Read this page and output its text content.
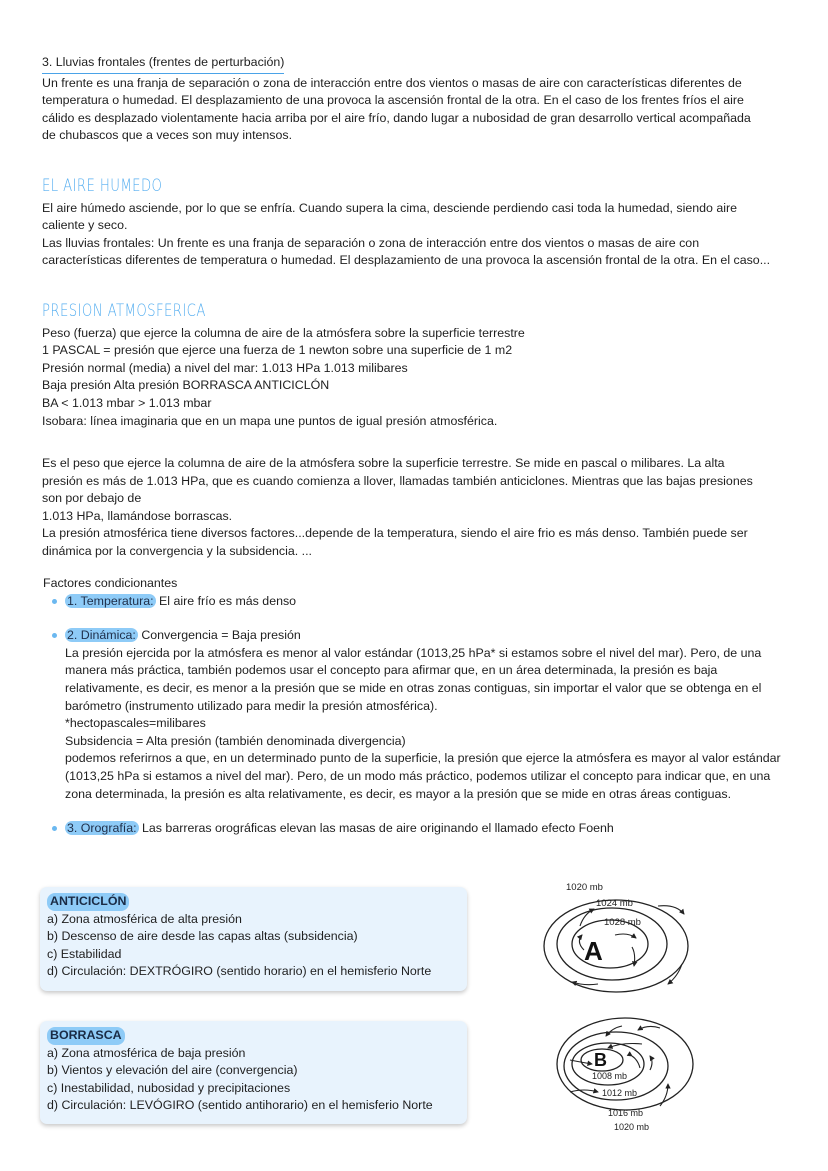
3. Lluvias frontales (frentes de perturbación)

Un frente es una franja de separación o zona de interacción entre dos vientos o masas de aire con características diferentes de

temperatura o humedad. El desplazamiento de una provoca la ascensión frontal de la otra. En el caso de los frentes fríos el aire

cálido es desplazado violentamente hacia arriba por el aire frío, dando lugar a nubosidad de gran desarrollo vertical acompañada

de chubascos que a veces son muy intensos.

EL AIRE HUMEDO

El aire húmedo asciende, por lo que se enfría. Cuando supera la cima, desciende perdiendo casi toda la humedad, siendo aire

caliente y seco.

Las lluvias frontales: Un frente es una franja de separación o zona de interacción entre dos vientos o masas de aire con

características diferentes de temperatura o humedad. El desplazamiento de una provoca la ascensión frontal de la otra. En el caso...

PRESION ATMOSFERICA

Peso (fuerza) que ejerce la columna de aire de la atmósfera sobre la superficie terrestre

1 PASCAL = presión que ejerce una fuerza de 1 newton sobre una superficie de 1 m2

Presión normal (media) a nivel del mar: 1.013 HPa 1.013 milibares

Baja presión Alta presión BORRASCA ANTICICLÓN

BA < 1.013 mbar > 1.013 mbar

Isobara: línea imaginaria que en un mapa une puntos de igual presión atmosférica.

Es el peso que ejerce la columna de aire de la atmósfera sobre la superficie terrestre. Se mide en pascal o milibares. La alta

presión es más de 1.013 HPa, que es cuando comienza a llover, llamadas también anticiclones. Mientras que las bajas presiones

son por debajo de

1.013 HPa, llamándose borrascas.

La presión atmosférica tiene diversos factores...depende de la temperatura, siendo el aire frio es más denso. También puede ser

dinámica por la convergencia y la subsidencia. ...

Factores condicionantes

1. Temperatura: El aire frío es más denso
2. Dinámica: Convergencia = Baja presión

La presión ejercida por la atmósfera es menor al valor estándar (1013,25 hPa* si estamos sobre el nivel del mar). Pero, de una

manera más práctica, también podemos usar el concepto para afirmar que, en un área determinada, la presión es baja

relativamente, es decir, es menor a la presión que se mide en otras zonas contiguas, sin importar el valor que se obtenga en el

barómetro (instrumento utilizado para medir la presión atmosférica).

*hectopascales=milibares

Subsidencia = Alta presión (también denominada divergencia)

podemos referirnos a que, en un determinado punto de la superficie, la presión que ejerce la atmósfera es mayor al valor estándar

(1013,25 hPa si estamos a nivel del mar). Pero, de un modo más práctico, podemos utilizar el concepto para indicar que, en una

zona determinada, la presión es alta relativamente, es decir, es mayor a la presión que se mide en otras áreas contiguas.

3. Orografía: Las barreras orográficas elevan las masas de aire originando el llamado efecto Foenh
ANTICICLÓN

a) Zona atmosférica de alta presión

b) Descenso de aire desde las capas altas (subsidencia)

c) Estabilidad

d) Circulación: DEXTRÓGIRO (sentido horario) en el hemisferio Norte

1020 mb
1024 mb
1028 mb
A
BORRASCA

a) Zona atmosférica de baja presión

b) Vientos y elevación del aire (convergencia)

c) Inestabilidad, nubosidad y precipitaciones

d) Circulación: LEVÓGIRO (sentido antihorario) en el hemisferio Norte

B
1008 mb
1012 mb
1016 mb
1020 mb
